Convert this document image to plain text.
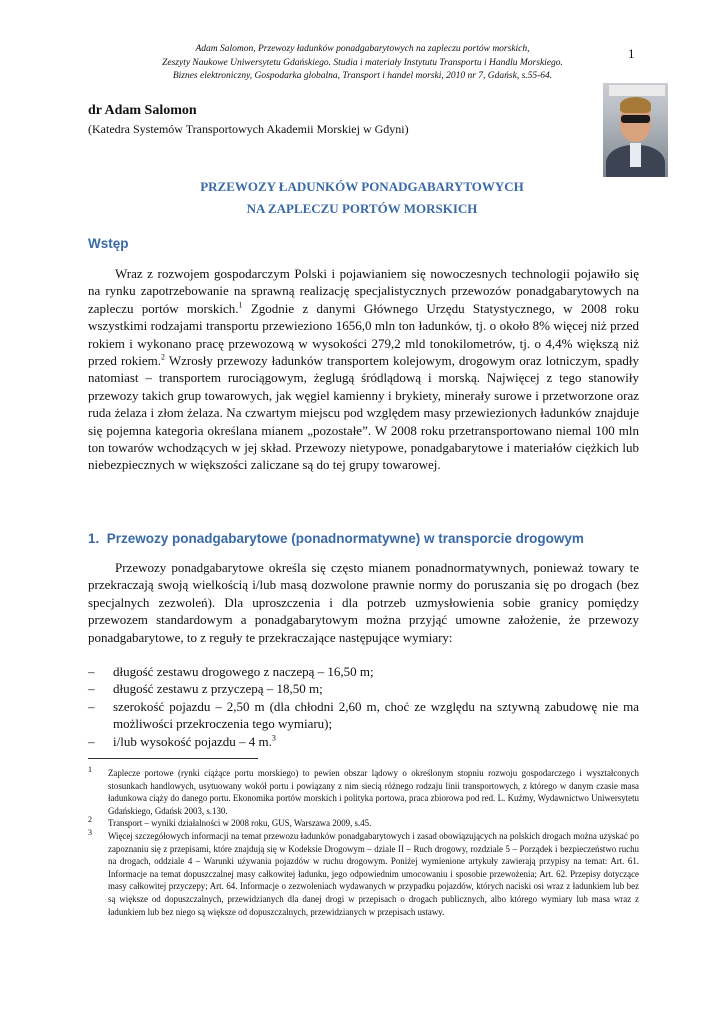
Adam Salomon, Przewozy ładunków ponadgabarytowych na zapleczu portów morskich,
Zeszyty Naukowe Uniwersytetu Gdańskiego. Studia i materiały Instytutu Transportu i Handlu Morskiego.
Biznes elektroniczny, Gospodarka globalna, Transport i handel morski, 2010 nr 7, Gdańsk, s.55-64.
1
dr Adam Salomon
(Katedra Systemów Transportowych Akademii Morskiej w Gdyni)
PRZEWOZY ŁADUNKÓW PONADGABARYTOWYCH
NA ZAPLECZU PORTÓW MORSKICH
Wstęp

Wraz z rozwojem gospodarczym Polski i pojawianiem się nowoczesnych technologii pojawiło się na rynku zapotrzebowanie na sprawną realizację specjalistycznych przewozów ponadgabarytowych na zapleczu portów morskich.$^1$ Zgodnie z danymi Głównego Urzędu Statystycznego, w 2008 roku wszystkimi rodzajami transportu przewieziono 1656,0 mln ton ładunków, tj. o około 8% więcej niż przed rokiem i wykonano pracę przewozową w wysokości 279,2 mld tonokilometrów, tj. o 4,4% większą niż przed rokiem.$^2$ Wzrosły przewozy ładunków transportem kolejowym, drogowym oraz lotniczym, spadły natomiast – transportem rurociągowym, żeglugą śródlądową i morską. Najwięcej z tego stanowiły przewozy takich grup towarowych, jak węgiel kamienny i brykiety, minerały surowe i przetworzone oraz ruda żelaza i złom żelaza. Na czwartym miejscu pod względem masy przewiezionych ładunków znajduje się pojemna kategoria określana mianem „pozostałe”. W 2008 roku przetransportowano niemal 100 mln ton towarów wchodzących w jej skład. Przewozy nietypowe, ponadgabarytowe i materiałów ciężkich lub niebezpiecznych w większości zaliczane są do tej grupy towarowej.

1.  Przewozy ponadgabarytowe (ponadnormatywne) w transporcie drogowym

Przewozy ponadgabarytowe określa się często mianem ponadnormatywnych, ponieważ towary te przekraczają swoją wielkością i/lub masą dozwolone prawnie normy do poruszania się po drogach (bez specjalnych zezwoleń). Dla uproszczenia i dla potrzeb uzmysłowienia sobie granicy pomiędzy przewozem standardowym a ponadgabarytowym można przyjąć umowne założenie, że przewozy ponadgabarytowe, to z reguły te przekraczające następujące wymiary:

–	długość zestawu drogowego z naczepą – 16,50 m;
–	długość zestawu z przyczepą – 18,50 m;
–	szerokość pojazdu – 2,50 m (dla chłodni 2,60 m, choć ze względu na sztywną zabudowę nie ma możliwości przekroczenia tego wymiaru);
–	i/lub wysokość pojazdu – 4 m.$^3$
$^1$	Zaplecze portowe (rynki ciążące portu morskiego) to pewien obszar lądowy o określonym stopniu rozwoju gospodarczego i wyształconych stosunkach handlowych, usytuowany wokół portu i powiązany z nim siecią różnego rodzaju linii transportowych, z którego w danym czasie masa ładunkowa ciąży do danego portu. Ekonomika portów morskich i polityka portowa, praca zbiorowa pod red. L. Kuźmy, Wydawnictwo Uniwersytetu Gdańskiego, Gdańsk 2003, s.130.
$^2$	Transport – wyniki działalności w 2008 roku, GUS, Warszawa 2009, s.45.
$^3$	Więcej szczegółowych informacji na temat przewozu ładunków ponadgabarytowych i zasad obowiązujących na polskich drogach można uzyskać po zapoznaniu się z przepisami, które znajdują się w Kodeksie Drogowym – dziale II – Ruch drogowy, rozdziale 5 – Porządek i bezpieczeństwo ruchu na drogach, oddziale 4 – Warunki używania pojazdów w ruchu drogowym. Poniżej wymienione artykuły zawierają przypisy na temat: Art. 61. Informacje na temat dopuszczalnej masy całkowitej ładunku, jego odpowiednim umocowaniu i sposobie przewożenia; Art. 62. Przepisy dotyczące masy całkowitej przyczepy; Art. 64. Informacje o zezwoleniach wydawanych w przypadku pojazdów, których naciski osi wraz z ładunkiem lub bez są większe od dopuszczalnych, przewidzianych dla danej drogi w przepisach o drogach publicznych, albo którego wymiary lub masa wraz z ładunkiem lub bez niego są większe od dopuszczalnych, przewidzianych w przepisach ustawy.
